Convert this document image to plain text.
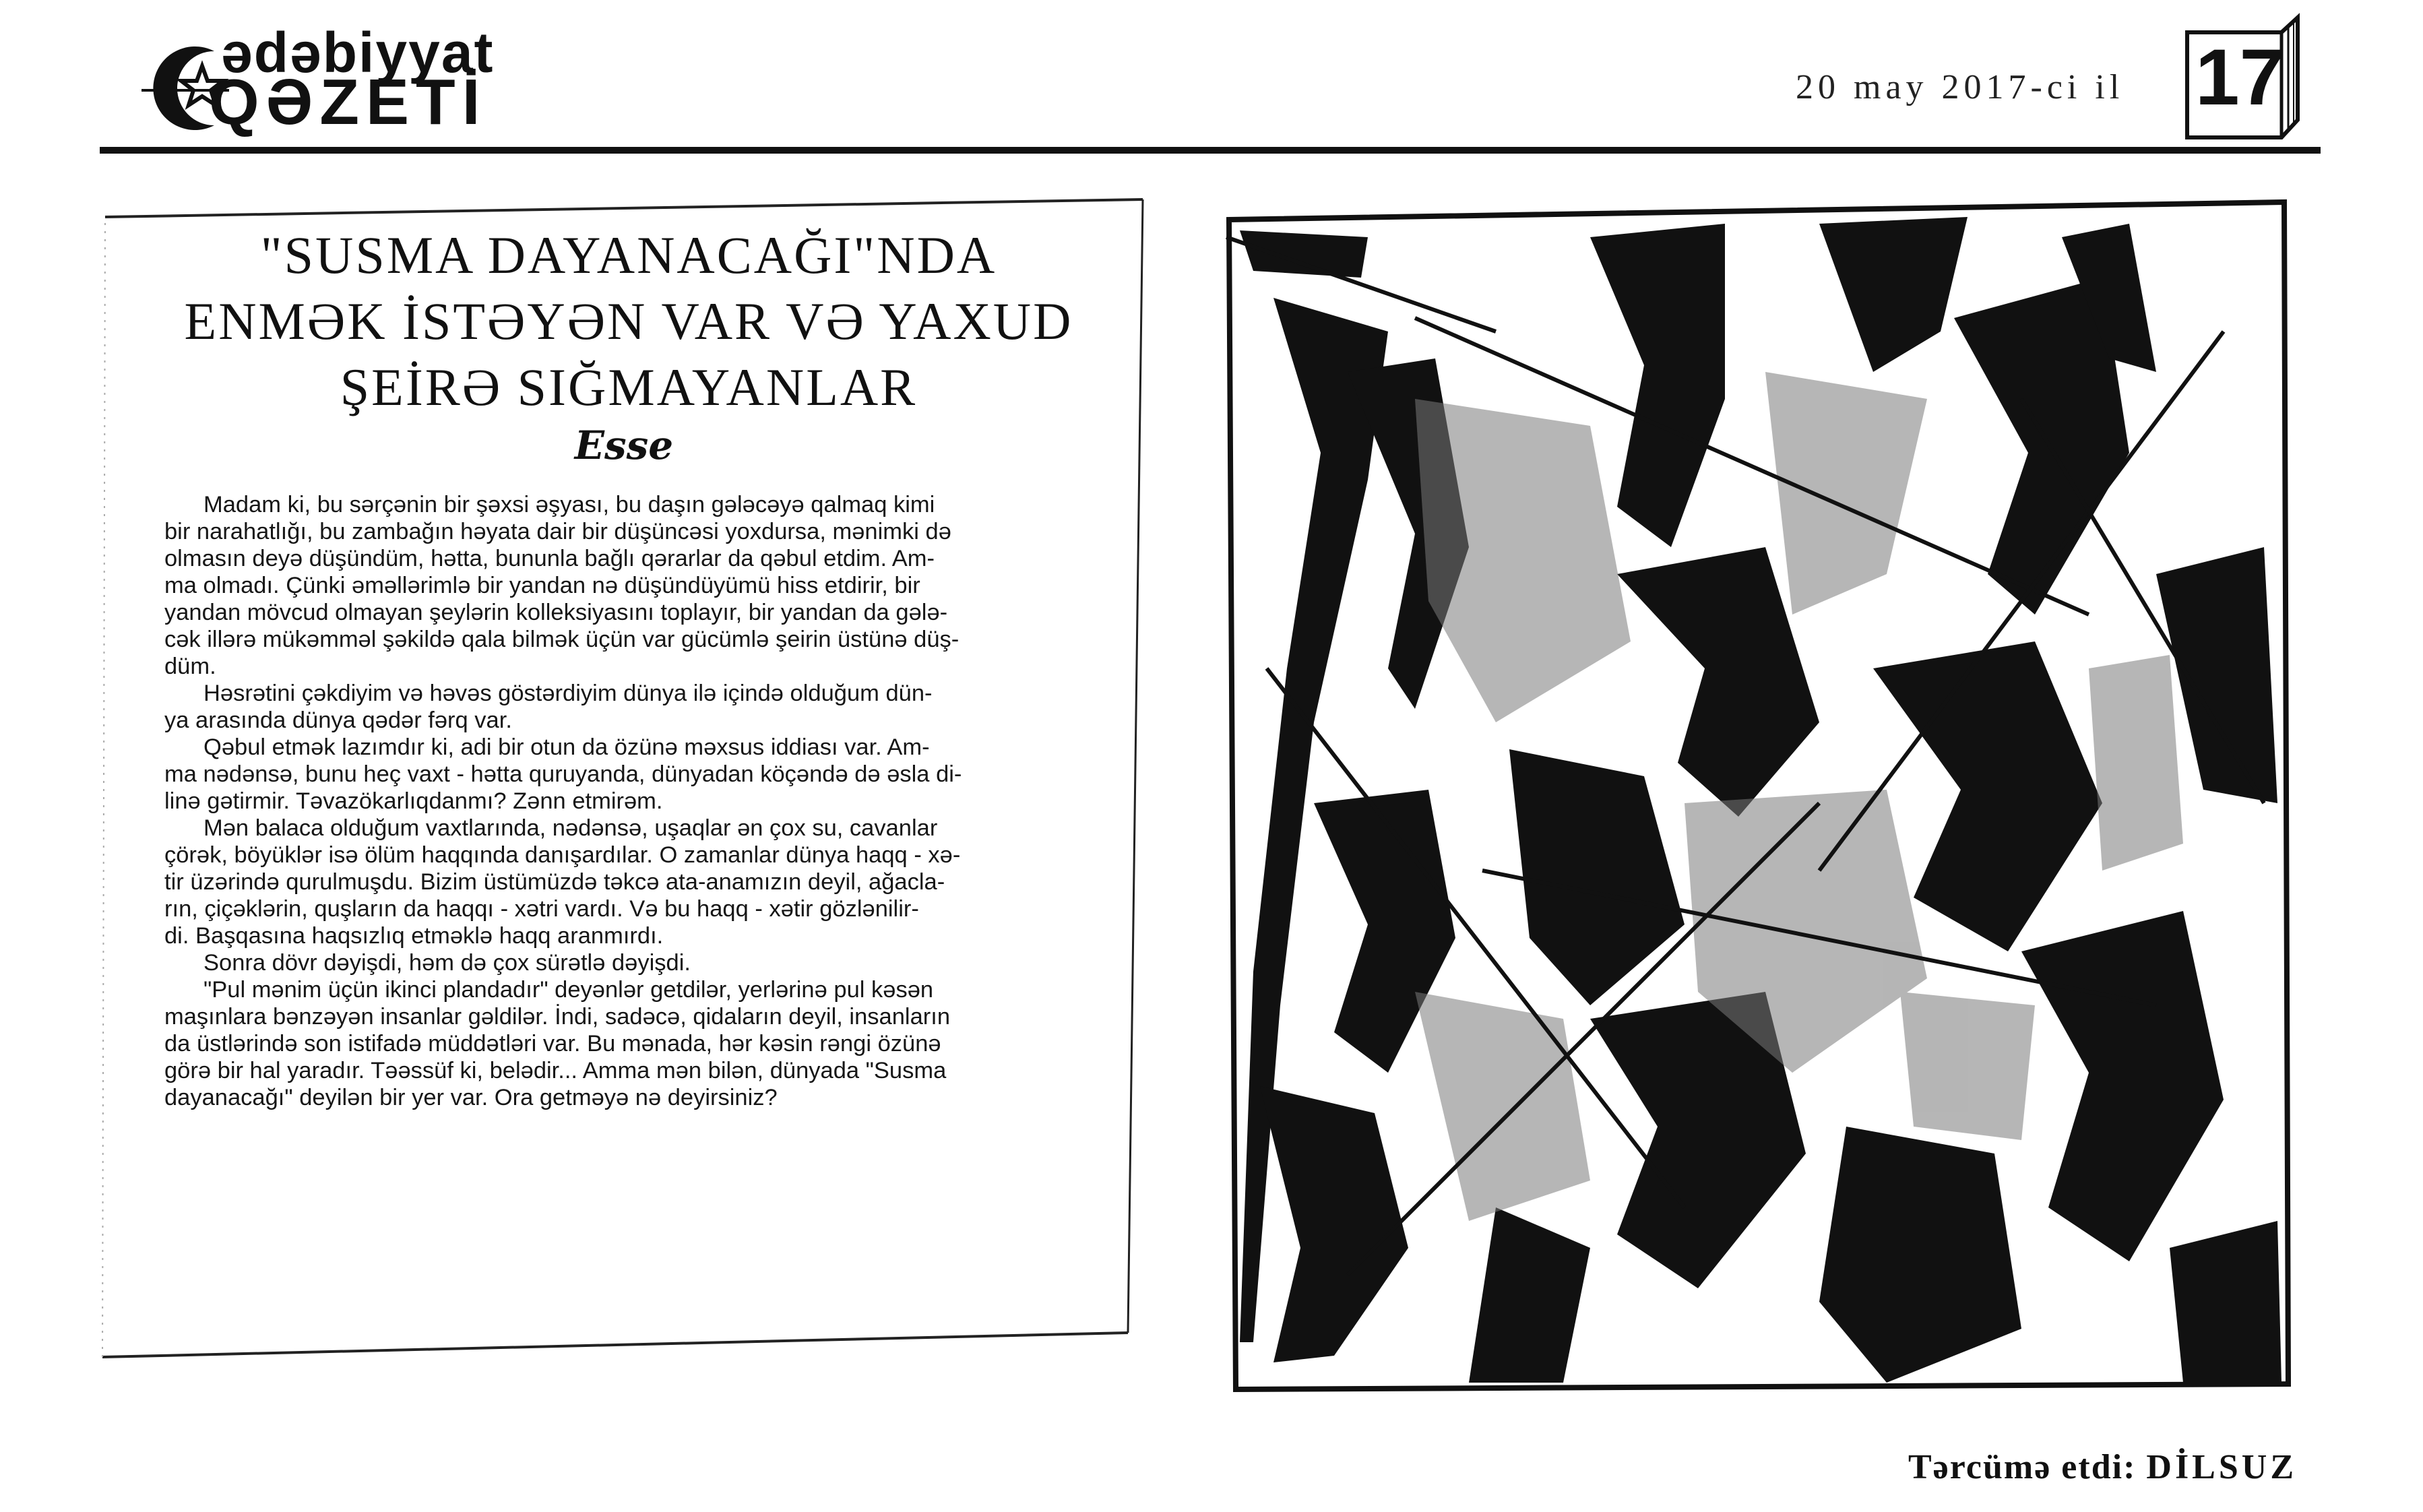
ədəbiyyat
QƏZETİ	20 may 2017-ci il 17
"SUSMA DAYANACAĞI"NDA
ENMƏK İSTƏYƏN VAR VƏ YAXUD
ŞEİRƏ SIĞMAYANLAR
Esse
Madam ki, bu sərçənin bir şəxsi əşyası, bu daşın gələcəyə qalmaq kimi
bir narahatlığı, bu zambağın həyata dair bir düşüncəsi yoxdursa, mənimki də
olmasın deyə düşündüm, hətta, bununla bağlı qərarlar da qəbul etdim. Am-
ma olmadı. Çünki əməllərimlə bir yandan nə düşündüyümü hiss etdirir, bir
yandan mövcud olmayan şeylərin kolleksiyasını toplayır, bir yandan da gələ-
cək illərə mükəmməl şəkildə qala bilmək üçün var gücümlə şeirin üstünə düş-
düm.
Həsrətini çəkdiyim və həvəs göstərdiyim dünya ilə içində olduğum dün-
ya arasında dünya qədər fərq var.
Qəbul etmək lazımdır ki, adi bir otun da özünə məxsus iddiası var. Am-
ma nədənsə, bunu heç vaxt - hətta quruyanda, dünyadan köçəndə də əsla di-
linə gətirmir. Təvazökarlıqdanmı? Zənn etmirəm.
Mən balaca olduğum vaxtlarında, nədənsə, uşaqlar ən çox su, cavanlar
çörək, böyüklər isə ölüm haqqında danışardılar. O zamanlar dünya haqq - xə-
tir üzərində qurulmuşdu. Bizim üstümüzdə təkcə ata-anamızın deyil, ağacla-
rın, çiçəklərin, quşların da haqqı - xətri vardı. Və bu haqq - xətir gözlənilir-
di. Başqasına haqsızlıq etməklə haqq aranmırdı.
Sonra dövr dəyişdi, həm də çox sürətlə dəyişdi.
"Pul mənim üçün ikinci plandadır" deyənlər getdilər, yerlərinə pul kəsən
maşınlara bənzəyən insanlar gəldilər. İndi, sadəcə, qidaların deyil, insanların
da üstlərində son istifadə müddətləri var. Bu mənada, hər kəsin rəngi özünə
görə bir hal yaradır. Təəssüf ki, belədir... Amma mən bilən, dünyada "Susma
dayanacağı" deyilən bir yer var. Ora getməyə nə deyirsiniz?
Tərcümə etdi: DİLSUZ
